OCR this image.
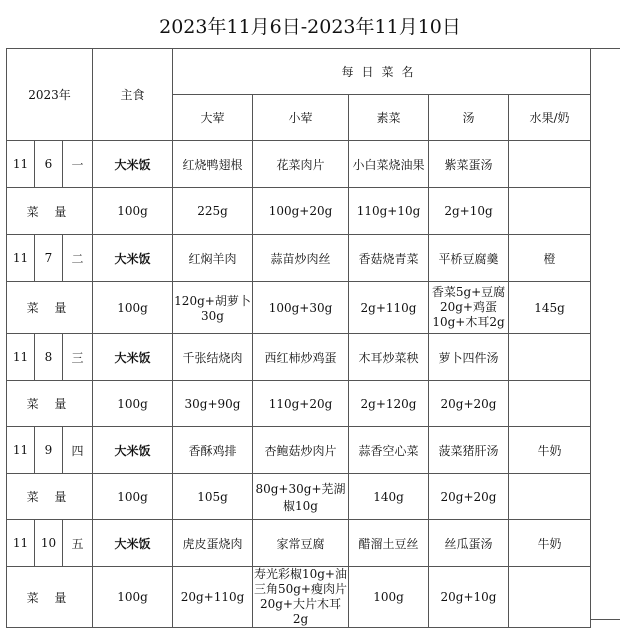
2023年11月6日-2023年11月10日
2023年			主食	每日菜名				
				大荤	小荤	素菜	汤	水果/奶
11	6	一	大米饭	红烧鸭翅根	花菜肉片	小白菜烧油果	紫菜蛋汤	
菜 量			100g	225g	100g+20g	110g+10g	2g+10g	
11	7	二	大米饭	红焖羊肉	蒜苗炒肉丝	香菇烧青菜	平桥豆腐羹	橙
菜 量			100g	120g+胡萝卜30g	100g+30g	2g+110g	香菜5g+豆腐20g+鸡蛋10g+木耳2g	145g
11	8	三	大米饭	千张结烧肉	西红柿炒鸡蛋	木耳炒菜秧	萝卜四件汤	
菜 量			100g	30g+90g	110g+20g	2g+120g	20g+20g	
11	9	四	大米饭	香酥鸡排	杏鲍菇炒肉片	蒜香空心菜	菠菜猪肝汤	牛奶
菜 量			100g	105g	80g+30g+芜湖椒10g	140g	20g+20g	
11	10	五	大米饭	虎皮蛋烧肉	家常豆腐	醋溜土豆丝	丝瓜蛋汤	牛奶
菜 量			100g	20g+110g	寿光彩椒10g+油三角50g+瘦肉片20g+大片木耳2g	100g	20g+10g	
